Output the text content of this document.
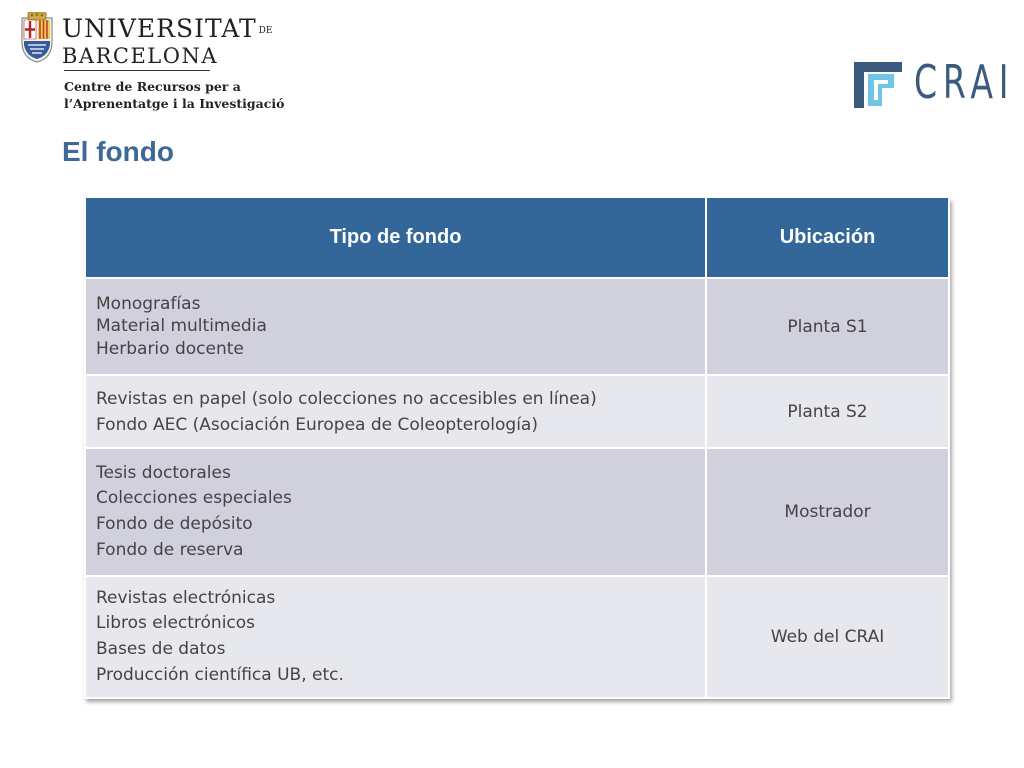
UNIVERSITAT DE
BARCELONA
Centre de Recursos per a
l’Aprenentatge i la Investigació	CRAI
El fondo
Tipo de fondo	Ubicación

Monografías
Material multimedia
Herbario docente	Planta S1

Revistas en papel (solo colecciones no accesibles en línea)
Fondo AEC (Asociación Europea de Coleopterología)	Planta S2

Tesis doctorales
Colecciones especiales
Fondo de depósito
Fondo de reserva	Mostrador

Revistas electrónicas
Libros electrónicos
Bases de datos
Producción científica UB, etc.	Web del CRAI
